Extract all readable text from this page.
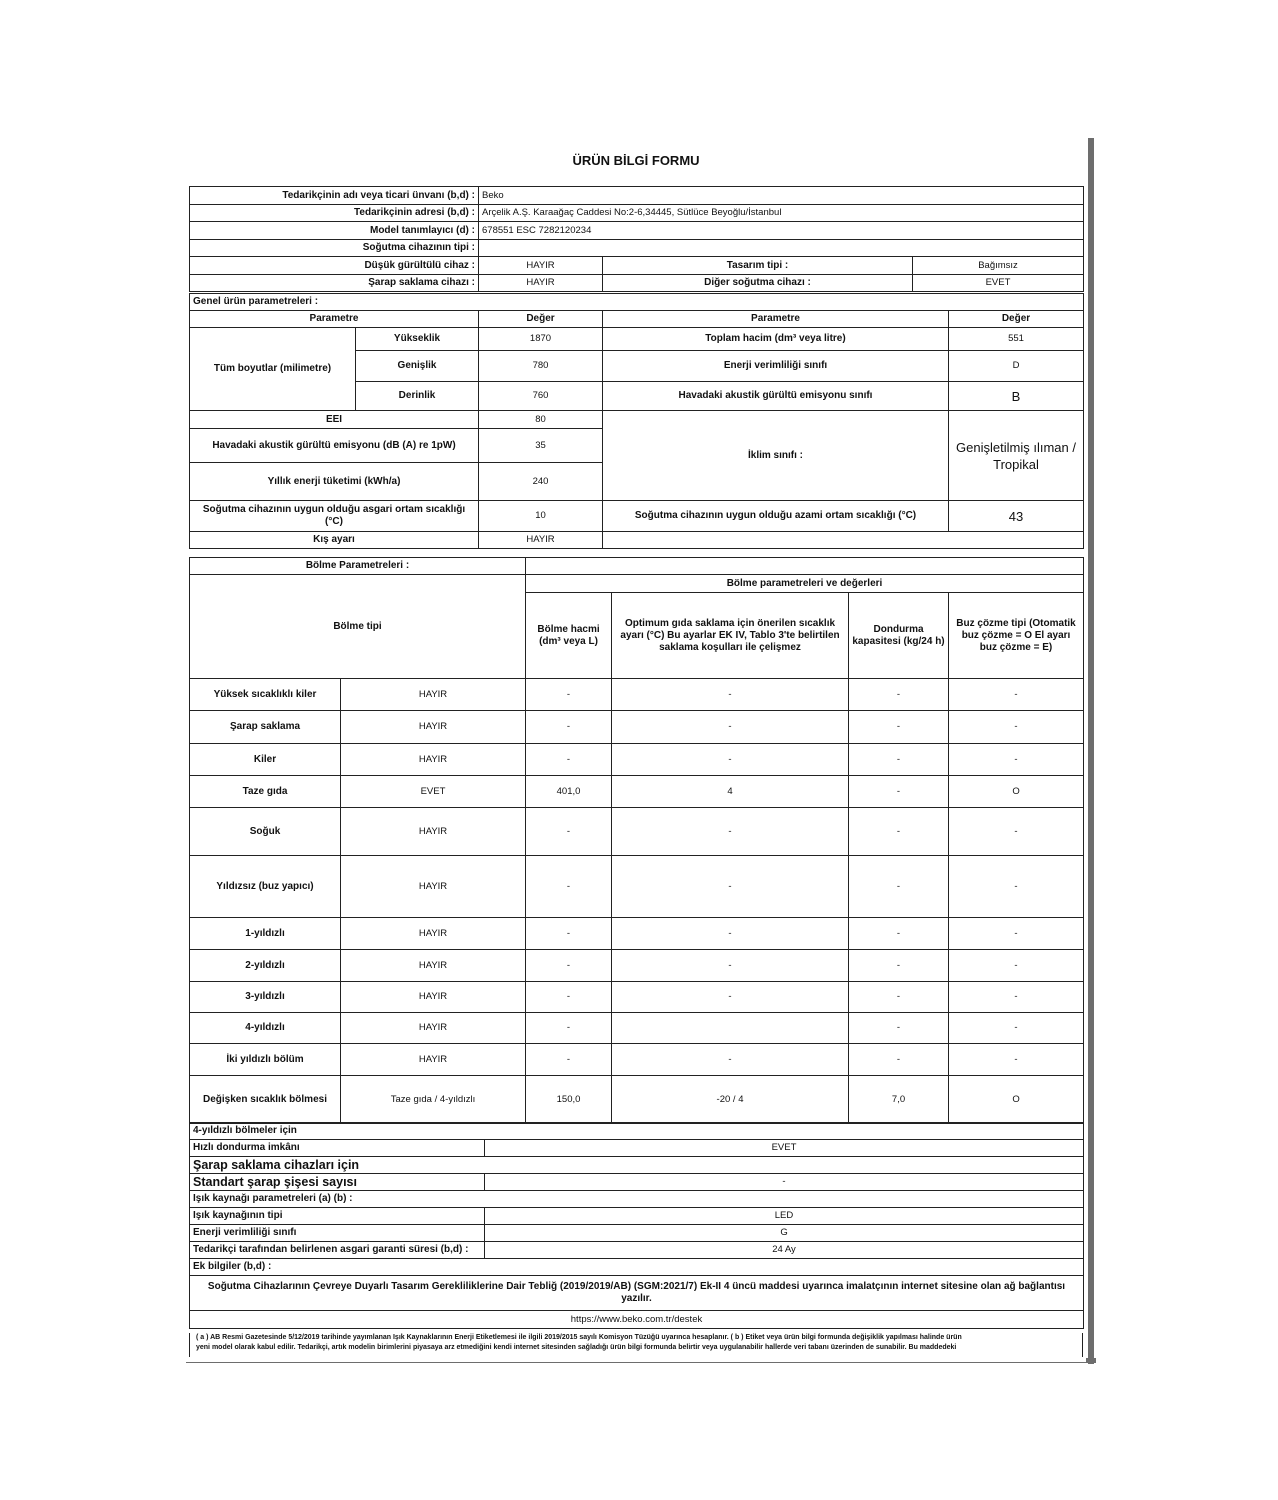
ÜRÜN BİLGİ FORMU
Tedarikçinin adı veya ticari ünvanı (b,d) :	Beko		
Tedarikçinin adresi (b,d) :	Arçelik A.Ş. Karaağaç Caddesi No:2-6,34445, Sütlüce Beyoğlu/İstanbul		
Model tanımlayıcı (d) :	678551 ESC 7282120234		
Soğutma cihazının tipi :			
Düşük gürültülü cihaz :	HAYIR	Tasarım tipi :	Bağımsız
Şarap saklama cihazı :	HAYIR	Diğer soğutma cihazı :	EVET
Genel ürün parametreleri :				
Parametre		Değer	Parametre	Değer
Tüm boyutlar (milimetre)	Yükseklik	1870	Toplam hacim (dm³ veya litre)	551
	Genişlik	780	Enerji verimliliği sınıfı	D
	Derinlik	760	Havadaki akustik gürültü emisyonu sınıfı	B
EEI		80	İklim sınıfı :	Genişletilmiş ılıman / Tropikal
Havadaki akustik gürültü emisyonu (dB (A) re 1pW)		35		
Yıllık enerji tüketimi (kWh/a)		240		
Soğutma cihazının uygun olduğu asgari ortam sıcaklığı (°C)		10	Soğutma cihazının uygun olduğu azami ortam sıcaklığı (°C)	43
Kış ayarı		HAYIR		
Bölme Parametreleri :					
Bölme tipi		Bölme parametreleri ve değerleri			
		Bölme hacmi (dm³ veya L)	Optimum gıda saklama için önerilen sıcaklık ayarı (°C) Bu ayarlar EK IV, Tablo 3'te belirtilen saklama koşulları ile çelişmez	Dondurma kapasitesi (kg/24 h)	Buz çözme tipi (Otomatik buz çözme = O El ayarı buz çözme = E)
Yüksek sıcaklıklı kiler	HAYIR	-	-	-	-
Şarap saklama	HAYIR	-	-	-	-
Kiler	HAYIR	-	-	-	-
Taze gıda	EVET	401,0	4	-	O
Soğuk	HAYIR	-	-	-	-
Yıldızsız (buz yapıcı)	HAYIR	-	-	-	-
1-yıldızlı	HAYIR	-	-	-	-
2-yıldızlı	HAYIR	-	-	-	-
3-yıldızlı	HAYIR	-	-	-	-
4-yıldızlı	HAYIR	-		-	-
İki yıldızlı bölüm	HAYIR	-	-	-	-
Değişken sıcaklık bölmesi	Taze gıda / 4-yıldızlı	150,0	-20 / 4	7,0	O
4-yıldızlı bölmeler için	
Hızlı dondurma imkânı	EVET
Şarap saklama cihazları için	
Standart şarap şişesi sayısı	-
Işık kaynağı parametreleri (a) (b) :	
Işık kaynağının tipi	LED
Enerji verimliliği sınıfı	G
Tedarikçi tarafından belirlenen asgari garanti süresi (b,d) :	24 Ay
Ek bilgiler (b,d) :	
Soğutma Cihazlarının Çevreye Duyarlı Tasarım Gerekliliklerine Dair Tebliğ (2019/2019/AB) (SGM:2021/7) Ek-II 4 üncü maddesi uyarınca imalatçının internet sitesine olan ağ bağlantısı yazılır.	
https://www.beko.com.tr/destek	

( a ) AB Resmi Gazetesinde 5/12/2019 tarihinde yayımlanan Işık Kaynaklarının Enerji Etiketlemesi ile ilgili 2019/2015 sayılı Komisyon Tüzüğü uyarınca hesaplanır. ( b ) Etiket veya ürün bilgi formunda değişiklik yapılması halinde ürün

yeni model olarak kabul edilir. Tedarikçi, artık modelin birimlerini piyasaya arz etmediğini kendi internet sitesinden sağladığı ürün bilgi formunda belirtir veya uygulanabilir hallerde veri tabanı üzerinden de sunabilir. Bu maddedeki
